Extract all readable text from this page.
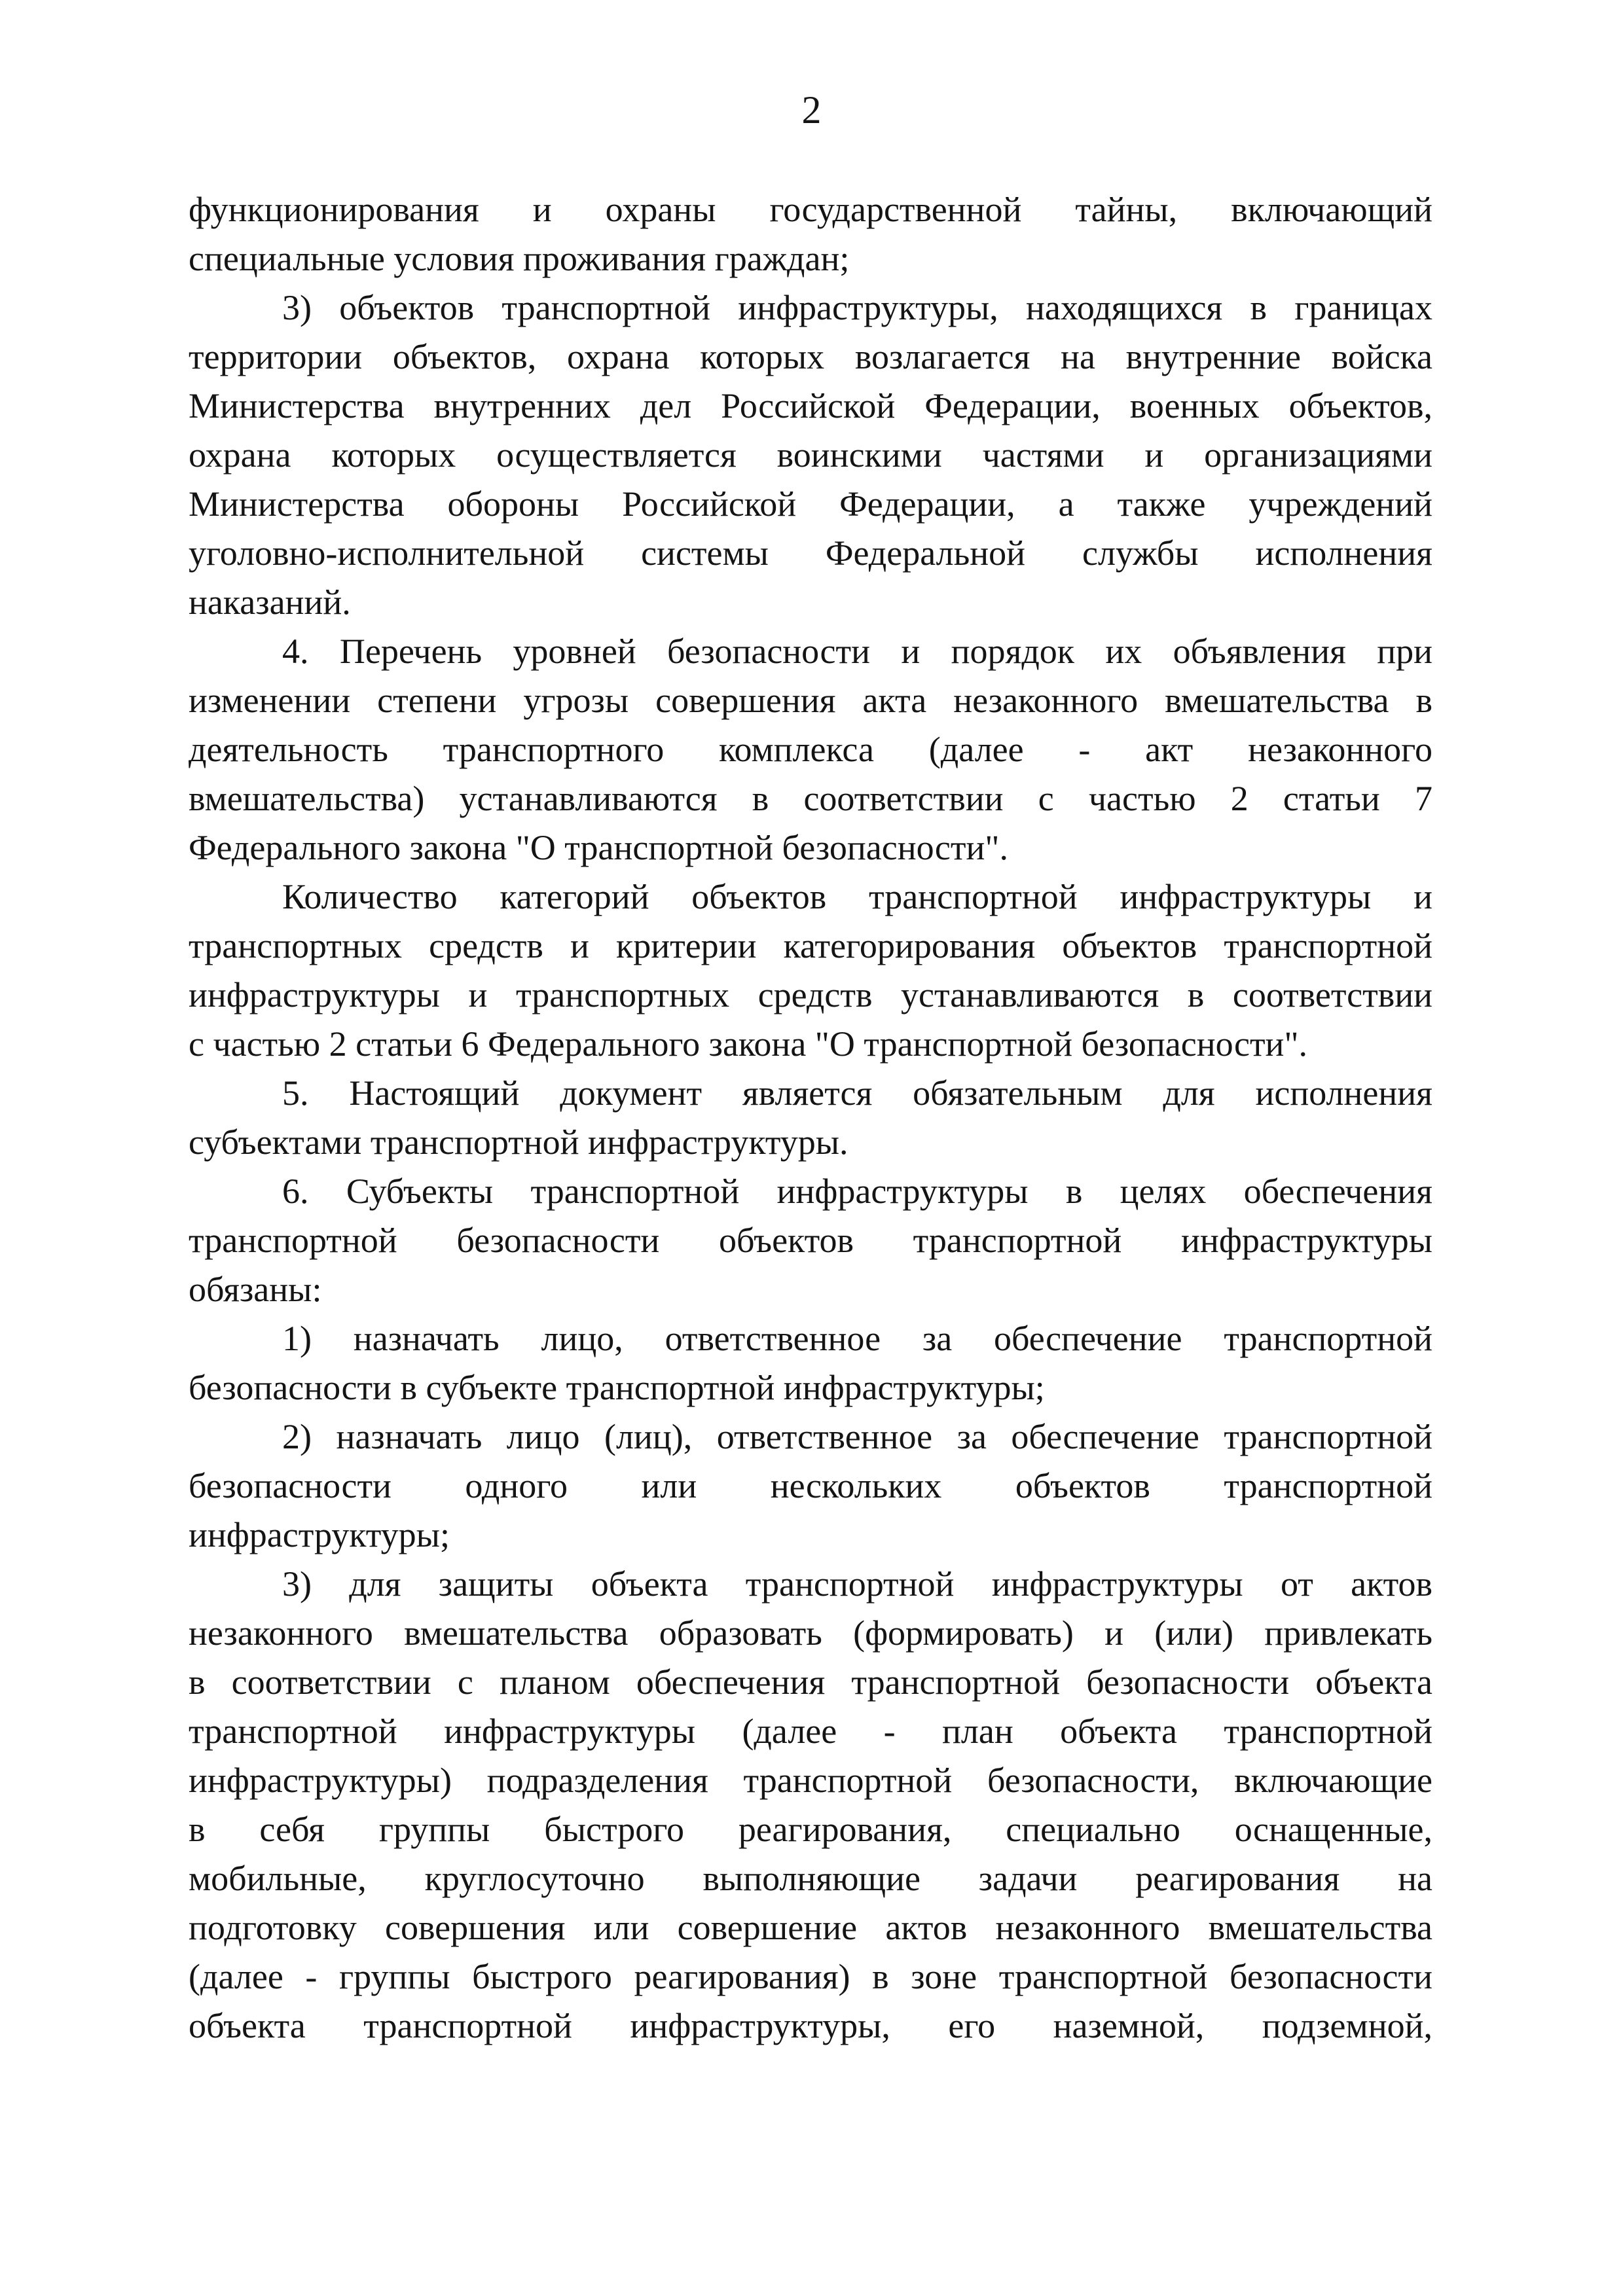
2
функционирования и охраны государственной тайны, включающий
специальные условия проживания граждан;
3) объектов транспортной инфраструктуры, находящихся в границах
территории объектов, охрана которых возлагается на внутренние войска
Министерства внутренних дел Российской Федерации, военных объектов,
охрана которых осуществляется воинскими частями и организациями
Министерства обороны Российской Федерации, а также учреждений
уголовно-исполнительной системы Федеральной службы исполнения
наказаний.
4. Перечень уровней безопасности и порядок их объявления при
изменении степени угрозы совершения акта незаконного вмешательства в
деятельность транспортного комплекса (далее - акт незаконного
вмешательства) устанавливаются в соответствии с частью 2 статьи 7
Федерального закона "О транспортной безопасности".
Количество категорий объектов транспортной инфраструктуры и
транспортных средств и критерии категорирования объектов транспортной
инфраструктуры и транспортных средств устанавливаются в соответствии
с частью 2 статьи 6 Федерального закона "О транспортной безопасности".
5. Настоящий документ является обязательным для исполнения
субъектами транспортной инфраструктуры.
6. Субъекты транспортной инфраструктуры в целях обеспечения
транспортной безопасности объектов транспортной инфраструктуры
обязаны:
1) назначать лицо, ответственное за обеспечение транспортной
безопасности в субъекте транспортной инфраструктуры;
2) назначать лицо (лиц), ответственное за обеспечение транспортной
безопасности одного или нескольких объектов транспортной
инфраструктуры;
3) для защиты объекта транспортной инфраструктуры от актов
незаконного вмешательства образовать (формировать) и (или) привлекать
в соответствии с планом обеспечения транспортной безопасности объекта
транспортной инфраструктуры (далее - план объекта транспортной
инфраструктуры) подразделения транспортной безопасности, включающие
в себя группы быстрого реагирования, специально оснащенные,
мобильные, круглосуточно выполняющие задачи реагирования на
подготовку совершения или совершение актов незаконного вмешательства
(далее - группы быстрого реагирования) в зоне транспортной безопасности
объекта транспортной инфраструктуры, его наземной, подземной,
